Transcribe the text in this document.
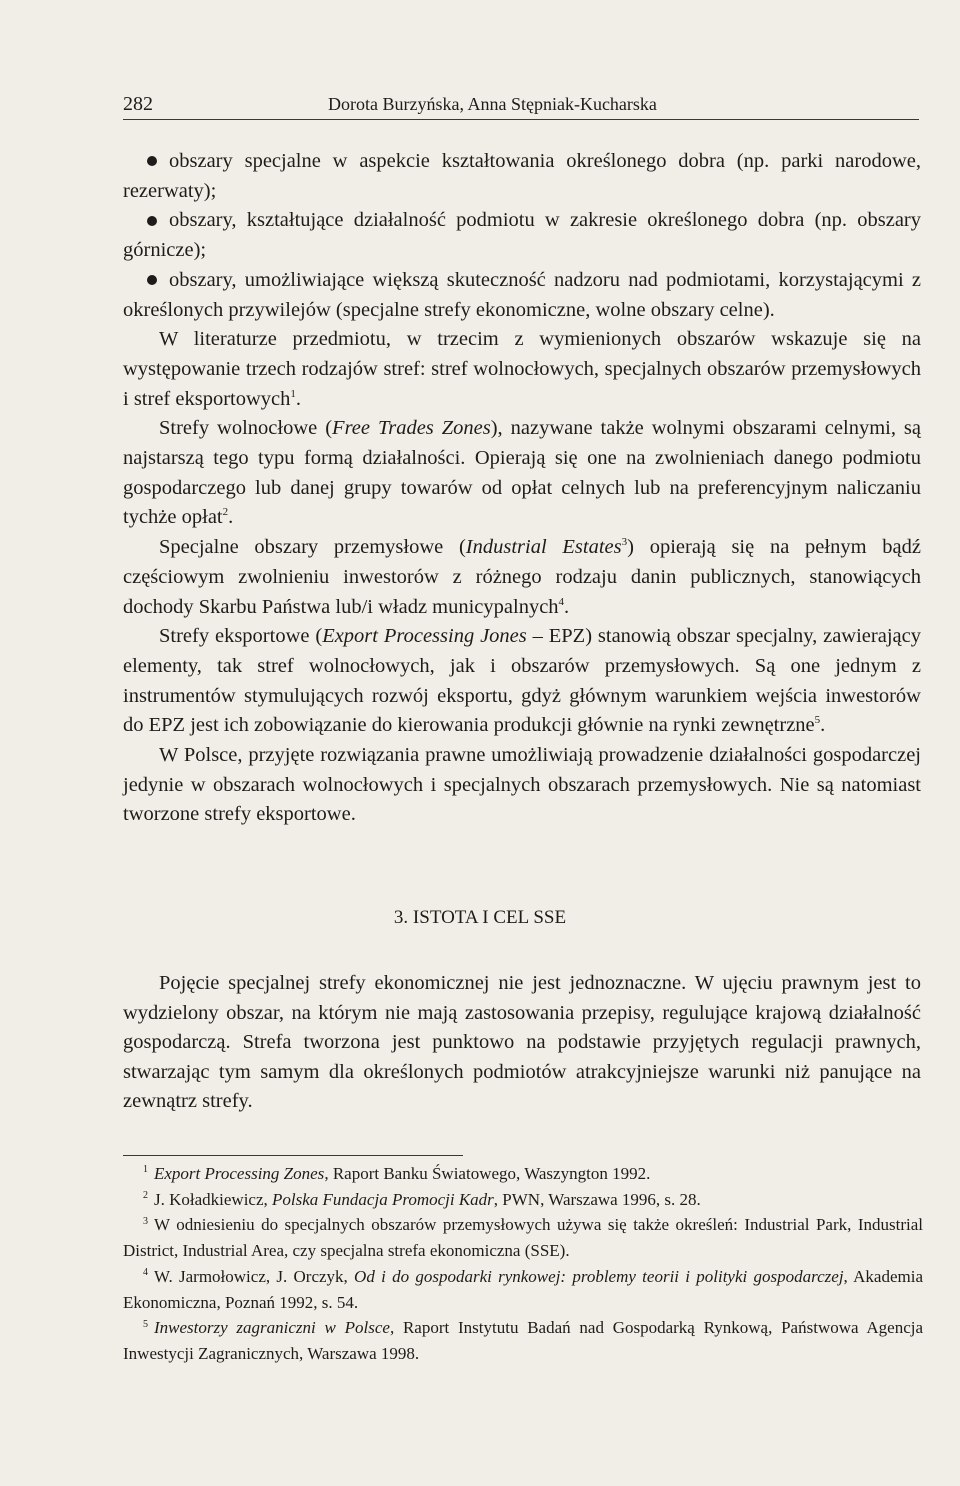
282	Dorota Burzyńska, Anna Stępniak-Kucharska
obszary specjalne w aspekcie kształtowania określonego dobra (np. parki narodowe, rezerwaty);
obszary, kształtujące działalność podmiotu w zakresie określonego dobra (np. obszary górnicze);
obszary, umożliwiające większą skuteczność nadzoru nad podmiotami, korzystającymi z określonych przywilejów (specjalne strefy ekonomiczne, wolne obszary celne).

W literaturze przedmiotu, w trzecim z wymienionych obszarów wskazuje się na występowanie trzech rodzajów stref: stref wolnocłowych, specjalnych obszarów przemysłowych i stref eksportowych$^1$.

Strefy wolnocłowe (Free Trades Zones), nazywane także wolnymi obszarami celnymi, są najstarszą tego typu formą działalności. Opierają się one na zwolnieniach danego podmiotu gospodarczego lub danej grupy towarów od opłat celnych lub na preferencyjnym naliczaniu tychże opłat$^2$.

Specjalne obszary przemysłowe (Industrial Estates$^3$) opierają się na pełnym bądź częściowym zwolnieniu inwestorów z różnego rodzaju danin publicznych, stanowiących dochody Skarbu Państwa lub/i władz municypalnych$^4$.

Strefy eksportowe (Export Processing Jones – EPZ) stanowią obszar specjalny, zawierający elementy, tak stref wolnocłowych, jak i obszarów przemysłowych. Są one jednym z instrumentów stymulujących rozwój eksportu, gdyż głównym warunkiem wejścia inwestorów do EPZ jest ich zobowiązanie do kierowania produkcji głównie na rynki zewnętrzne$^5$.

W Polsce, przyjęte rozwiązania prawne umożliwiają prowadzenie działalności gospodarczej jedynie w obszarach wolnocłowych i specjalnych obszarach przemysłowych. Nie są natomiast tworzone strefy eksportowe.

3. ISTOTA I CEL SSE

Pojęcie specjalnej strefy ekonomicznej nie jest jednoznaczne. W ujęciu prawnym jest to wydzielony obszar, na którym nie mają zastosowania przepisy, regulujące krajową działalność gospodarczą. Strefa tworzona jest punktowo na podstawie przyjętych regulacji prawnych, stwarzając tym samym dla określonych podmiotów atrakcyjniejsze warunki niż panujące na zewnątrz strefy.

$^1$ Export Processing Zones, Raport Banku Światowego, Waszyngton 1992.

$^2$ J. Koładkiewicz, Polska Fundacja Promocji Kadr, PWN, Warszawa 1996, s. 28.

$^3$ W odniesieniu do specjalnych obszarów przemysłowych używa się także określeń: Industrial Park, Industrial District, Industrial Area, czy specjalna strefa ekonomiczna (SSE).

$^4$ W. Jarmołowicz, J. Orczyk, Od i do gospodarki rynkowej: problemy teorii i polityki gospodarczej, Akademia Ekonomiczna, Poznań 1992, s. 54.

$^5$ Inwestorzy zagraniczni w Polsce, Raport Instytutu Badań nad Gospodarką Rynkową, Państwowa Agencja Inwestycji Zagranicznych, Warszawa 1998.
